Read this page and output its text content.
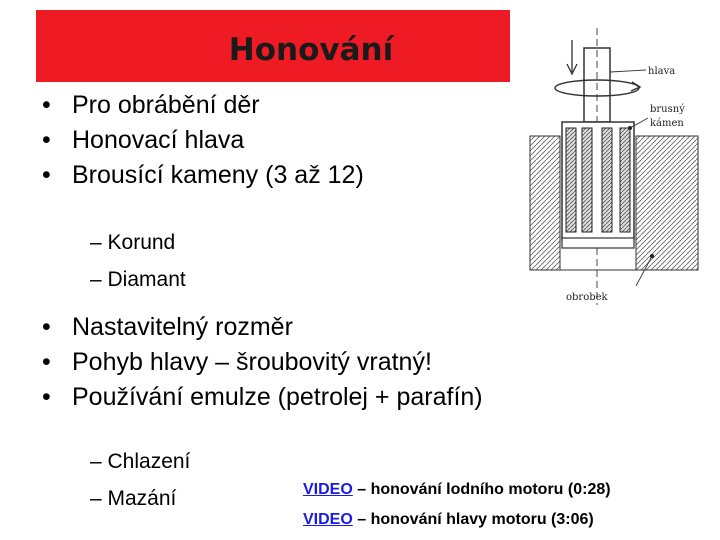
Honování
• Pro obrábění děr
• Honovací hlava
• Brousící kameny (3 až 12)
– Korund
– Diamant
• Nastavitelný rozměr
• Pohyb hlavy – šroubovitý vratný!
• Používání emulze (petrolej + parafín)
– Chlazení
– Mazání	VIDEO – honování lodního motoru (0:28)
VIDEO – honování hlavy motoru (3:06)
hlava
brusný
kámen
obrobek
